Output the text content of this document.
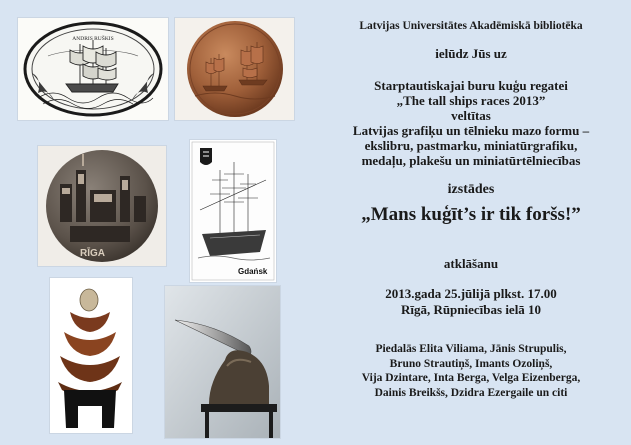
ANDRIS RUŠKIS
RĪGA
Gdańsk

Latvijas Universitātes Akadēmiskā bibliotēka

ielūdz Jūs uz

Starptautiskajai buru kuģu regatei
„The tall ships races 2013”
veltītas
Latvijas grafiķu un tēlnieku mazo formu –
ekslibru, pastmarku, miniatūrgrafiku,
medaļu, plakešu un miniatūrtēlniecības

izstādes

„Mans kuģīt’s ir tik foršs!”

atklāšanu

2013.gada 25.jūlijā plkst. 17.00
Rīgā, Rūpniecības ielā 10
Piedalās Elita Viliama, Jānis Strupulis,
Bruno Strautiņš, Imants Ozoliņš,
Vija Dzintare, Inta Berga, Velga Eizenberga,
Dainis Breikšs, Dzidra Ezergaile un citi
